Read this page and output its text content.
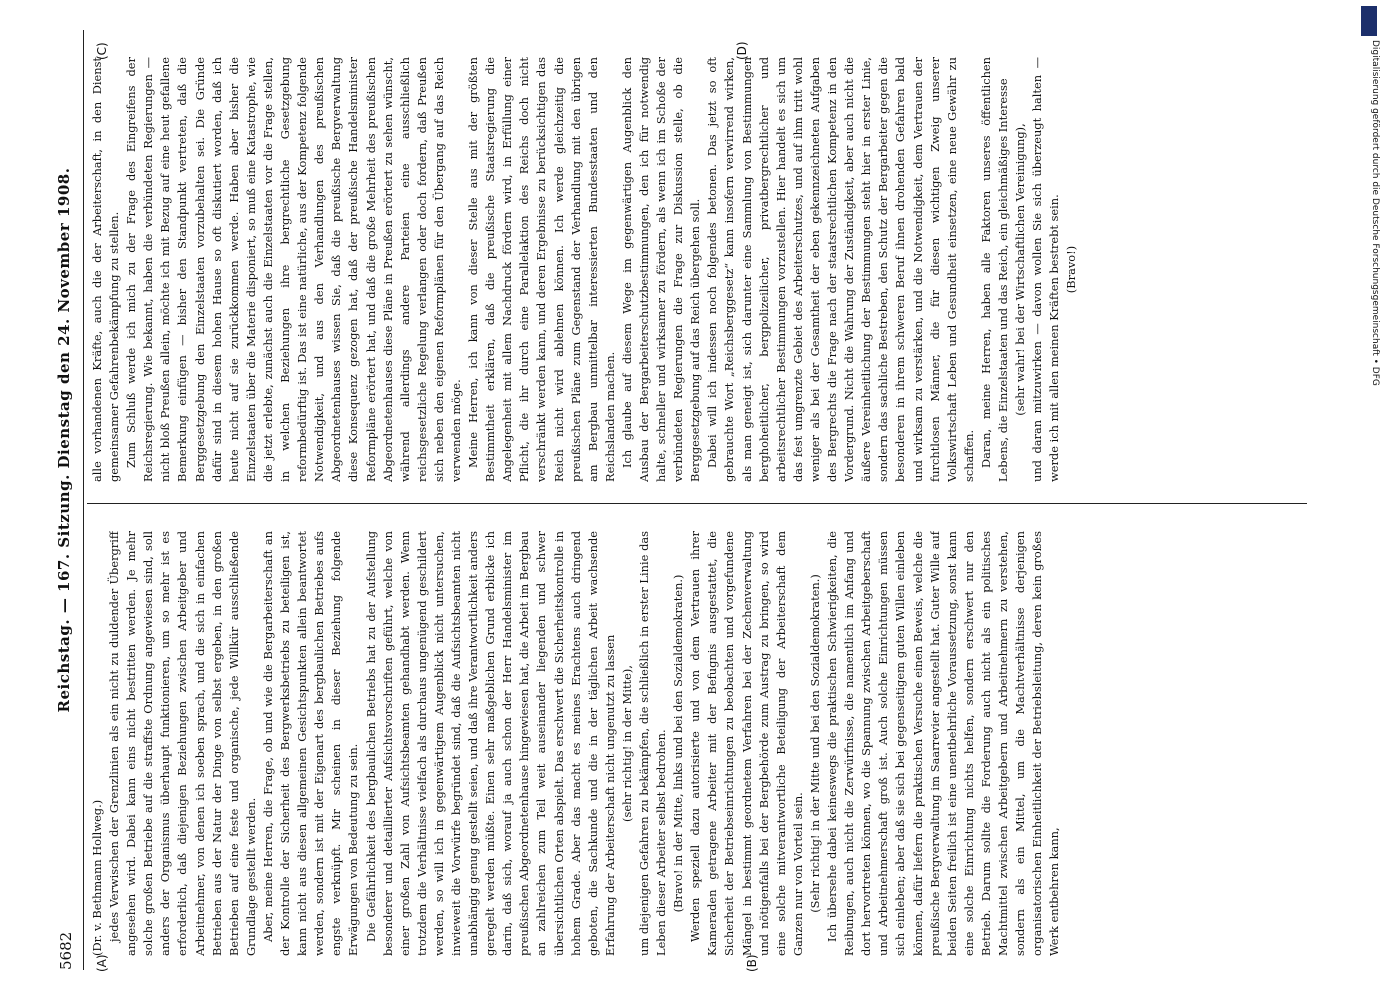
5682
Reichstag. — 167. Sitzung. Dienstag den 24. November 1908.

(Dr. v. Bethmann Hollweg.) jedes Verwischen der Grenzlinien als ein nicht zu duldender Übergriff angesehen wird. Dabei kann eins nicht bestritten werden. Je mehr solche großen Betriebe auf die straffste Ordnung angewiesen sind, soll anders der Organismus überhaupt funktionieren, um so mehr ist es erforderlich, daß diejenigen Beziehungen zwischen Arbeitgeber und Arbeitnehmer, von denen ich soeben sprach, und die sich in einfachen Betrieben aus der Natur der Dinge von selbst ergeben, in den großen Betrieben auf eine feste und organische, jede Willkür ausschließende Grundlage gestellt werden. Aber, meine Herren, die Frage, ob und wie die Bergarbeiterschaft an der Kontrolle der Sicherheit des Bergwerksbetriebs zu beteiligen ist, kann nicht aus diesen allgemeinen Gesichtspunkten allein beantwortet werden, sondern ist mit der Eigenart des bergbaulichen Betriebes aufs engste verknüpft. Mir scheinen in dieser Beziehung folgende Erwägungen von Bedeutung zu sein. Die Gefährlichkeit des bergbaulichen Betriebs hat zu der Aufstellung besonderer und detaillierter Aufsichtsvorschriften geführt, welche von einer großen Zahl von Aufsichtsbeamten gehandhabt werden. Wenn trotzdem die Verhältnisse vielfach als durchaus ungenügend geschildert werden, so will ich in gegenwärtigem Augenblick nicht untersuchen, inwieweit die Vorwürfe begründet sind, daß die Aufsichtsbeamten nicht unabhängig genug gestellt seien, und daß ihre Verantwortlichkeit anders geregelt werden müßte. Einen sehr maßgeblichen Grund erblicke ich darin, daß sich, worauf ja auch schon der Herr Handelsminister im preußischen Abgeordnetenhause hingewiesen hat, die Arbeit im Bergbau an zahlreichen zum Teil weit auseinander liegenden und schwer übersichtlichen Orten abspielt. Das erschwert die Sicherheitskontrolle in hohem Grade. Aber das macht es meines Erachtens auch dringend geboten, die Sachkunde und die in der täglichen Arbeit wachsende Erfahrung der Arbeiterschaft nicht ungenutzt zu lassen (sehr richtig! in der Mitte), um diejenigen Gefahren zu bekämpfen, die schließlich in erster Linie das Leben dieser Arbeiter selbst bedrohen. (Bravo! in der Mitte, links und bei den Sozialdemokraten.) Werden speziell dazu autorisierte und von dem Vertrauen ihrer Kameraden getragene Arbeiter mit der Befugnis ausgestattet, die Sicherheit der Betriebseinrichtungen zu beobachten und vorgefundene Mängel in bestimmt geordnetem Verfahren bei der Zechenverwaltung und nötigenfalls bei der Bergbehörde zum Austrag zu bringen, so wird eine solche mitverantwortliche Beteiligung der Arbeiterschaft dem Ganzen nur von Vorteil sein. (Sehr richtig! in der Mitte und bei den Sozialdemokraten.) Ich übersehe dabei keineswegs die praktischen Schwierigkeiten, die Reibungen, auch nicht die Zerwürfnisse, die namentlich im Anfang und dort hervortreten können, wo die Spannung zwischen Arbeitgeberschaft und Arbeitnehmerschaft groß ist. Auch solche Einrichtungen müssen sich einleben; aber daß sie sich bei gegenseitigem guten Willen einleben können, dafür liefern die praktischen Versuche einen Beweis, welche die preußische Bergverwaltung im Saarrevier angestellt hat. Guter Wille auf beiden Seiten freilich ist eine unentbehrliche Voraussetzung, sonst kann eine solche Einrichtung nichts helfen, sondern erschwert nur den Betrieb. Darum sollte die Forderung auch nicht als ein politisches Machtmittel zwischen Arbeitgebern und Arbeitnehmern zu verstehen, sondern als ein Mittel, um die Machtverhältnisse derjenigen organisatorischen Einheitlichkeit der Betriebsleitung, deren kein großes Werk entbehren kann,

alle vorhandenen Kräfte, auch die der Arbeiterschaft, in den Dienst gemeinsamer Gefahrenbekämpfung zu stellen. Zum Schluß werde ich mich zu der Frage des Eingreifens der Reichsregierung. Wie bekannt, haben die verbündeten Regierungen — nicht bloß Preußen allein, möchte ich mit Bezug auf eine heut gefallene Bemerkung einfügen — bisher den Standpunkt vertreten, daß die Berggesetzgebung den Einzelstaaten vorzubehalten sei. Die Gründe dafür sind in diesem hohen Hause so oft diskutiert worden, daß ich heute nicht auf sie zurückkommen werde. Haben aber bisher die Einzelstaaten über die Materie disponiert, so muß eine Katastrophe, wie die jetzt erlebte, zunächst auch die Einzelstaaten vor die Frage stellen, in welchen Beziehungen ihre bergrechtliche Gesetzgebung reformbedürftig ist. Das ist eine natürliche, aus der Kompetenz folgende Notwendigkeit, und aus den Verhandlungen des preußischen Abgeordnetenhauses wissen Sie, daß die preußische Bergverwaltung diese Konsequenz gezogen hat, daß der preußische Handelsminister Reformpläne erörtert hat, und daß die große Mehrheit des preußischen Abgeordnetenhauses diese Pläne in Preußen erörtert zu sehen wünscht, während allerdings andere Parteien eine ausschließlich reichsgesetzliche Regelung verlangen oder doch fordern, daß Preußen sich neben den eigenen Reformplänen für den Übergang auf das Reich verwenden möge. Meine Herren, ich kann von dieser Stelle aus mit der größten Bestimmtheit erklären, daß die preußische Staatsregierung die Angelegenheit mit allem Nachdruck fördern wird, in Erfüllung einer Pflicht, die ihr durch eine Parallelaktion des Reichs doch nicht verschränkt werden kann, und deren Ergebnisse zu berücksichtigen das Reich nicht wird ablehnen können. Ich werde gleichzeitig die preußischen Pläne zum Gegenstand der Verhandlung mit den übrigen am Bergbau unmittelbar interessierten Bundesstaaten und den Reichslanden machen. Ich glaube auf diesem Wege im gegenwärtigen Augenblick den Ausbau der Bergarbeiterschutzbestimmungen, den ich für notwendig halte, schneller und wirksamer zu fördern, als wenn ich im Schoße der verbündeten Regierungen die Frage zur Diskussion stelle, ob die Berggesetzgebung auf das Reich übergehen soll. Dabei will ich indessen noch folgendes betonen. Das jetzt so oft gebrauchte Wort „Reichsberggesetz“ kann insofern verwirrend wirken, als man geneigt ist, sich darunter eine Sammlung von Bestimmungen berghoheitlicher, bergpolizeilicher, privatbergrechtlicher und arbeitsrechtlicher Bestimmungen vorzustellen. Hier handelt es sich um das fest umgrenzte Gebiet des Arbeiterschutzes, und auf ihm tritt wohl weniger als bei der Gesamtheit der eben gekennzeichneten Aufgaben des Bergrechts die Frage nach der staatsrechtlichen Kompetenz in den Vordergrund. Nicht die Wahrung der Zuständigkeit, aber auch nicht die äußere Vereinheitlichung der Bestimmungen steht hier in erster Linie, sondern das sachliche Bestreben, den Schutz der Bergarbeiter gegen die besonderen in ihrem schweren Beruf ihnen drohenden Gefahren bald und wirksam zu verstärken, und die Notwendigkeit, dem Vertrauen der furchtlosen Männer, die für diesen wichtigen Zweig unserer Volkswirtschaft Leben und Gesundheit einsetzen, eine neue Gewähr zu schaffen. Daran, meine Herren, haben alle Faktoren unseres öffentlichen Lebens, die Einzelstaaten und das Reich, ein gleichmäßiges Interesse (sehr wahr! bei der Wirtschaftlichen Vereinigung), und daran mitzuwirken — davon wollen Sie sich überzeugt halten — werde ich mit allen meinen Kräften bestrebt sein. (Bravo!)

(A)	(B)
(C)	(D)	Digitalisierung gefördert durch die Deutsche Forschungsgemeinschaft • DFG
